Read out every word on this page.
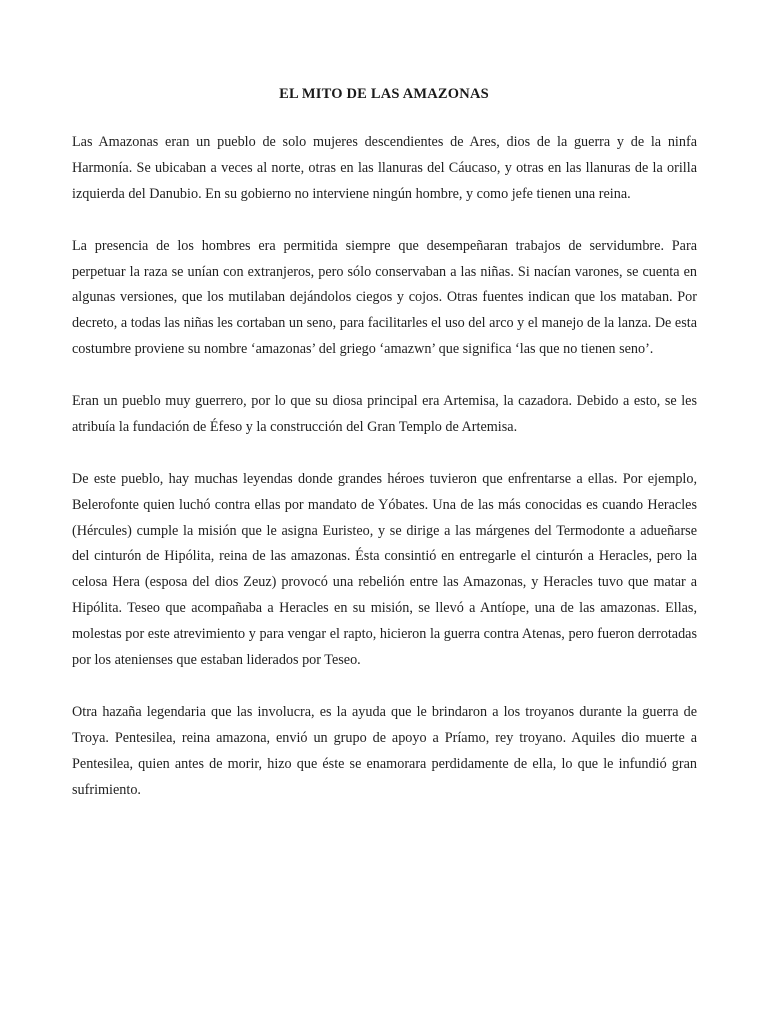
EL MITO DE LAS AMAZONAS

Las Amazonas eran un pueblo de solo mujeres descendientes de Ares, dios de la guerra y de la ninfa Harmonía. Se ubicaban a veces al norte, otras en las llanuras del Cáucaso, y otras en las llanuras de la orilla izquierda del Danubio. En su gobierno no interviene ningún hombre, y como jefe tienen una reina.

La presencia de los hombres era permitida siempre que desempeñaran trabajos de servidumbre. Para perpetuar la raza se unían con extranjeros, pero sólo conservaban a las niñas. Si nacían varones, se cuenta en algunas versiones, que los mutilaban dejándolos ciegos y cojos. Otras fuentes indican que los mataban. Por decreto, a todas las niñas les cortaban un seno, para facilitarles el uso del arco y el manejo de la lanza. De esta costumbre proviene su nombre ‘amazonas’ del griego ‘amazwn’ que significa ‘las que no tienen seno’.

Eran un pueblo muy guerrero, por lo que su diosa principal era Artemisa, la cazadora. Debido a esto, se les atribuía la fundación de Éfeso y la construcción del Gran Templo de Artemisa.

De este pueblo, hay muchas leyendas donde grandes héroes tuvieron que enfrentarse a ellas. Por ejemplo, Belerofonte quien luchó contra ellas por mandato de Yóbates. Una de las más conocidas es cuando Heracles (Hércules) cumple la misión que le asigna Euristeo, y se dirige a las márgenes del Termodonte a adueñarse del cinturón de Hipólita, reina de las amazonas. Ésta consintió en entregarle el cinturón a Heracles, pero la celosa Hera (esposa del dios Zeuz) provocó una rebelión entre las Amazonas, y Heracles tuvo que matar a Hipólita. Teseo que acompañaba a Heracles en su misión, se llevó a Antíope, una de las amazonas. Ellas, molestas por este atrevimiento y para vengar el rapto, hicieron la guerra contra Atenas, pero fueron derrotadas por los atenienses que estaban liderados por Teseo.

Otra hazaña legendaria que las involucra, es la ayuda que le brindaron a los troyanos durante la guerra de Troya. Pentesilea, reina amazona, envió un grupo de apoyo a Príamo, rey troyano. Aquiles dio muerte a Pentesilea, quien antes de morir, hizo que éste se enamorara perdidamente de ella, lo que le infundió gran sufrimiento.
